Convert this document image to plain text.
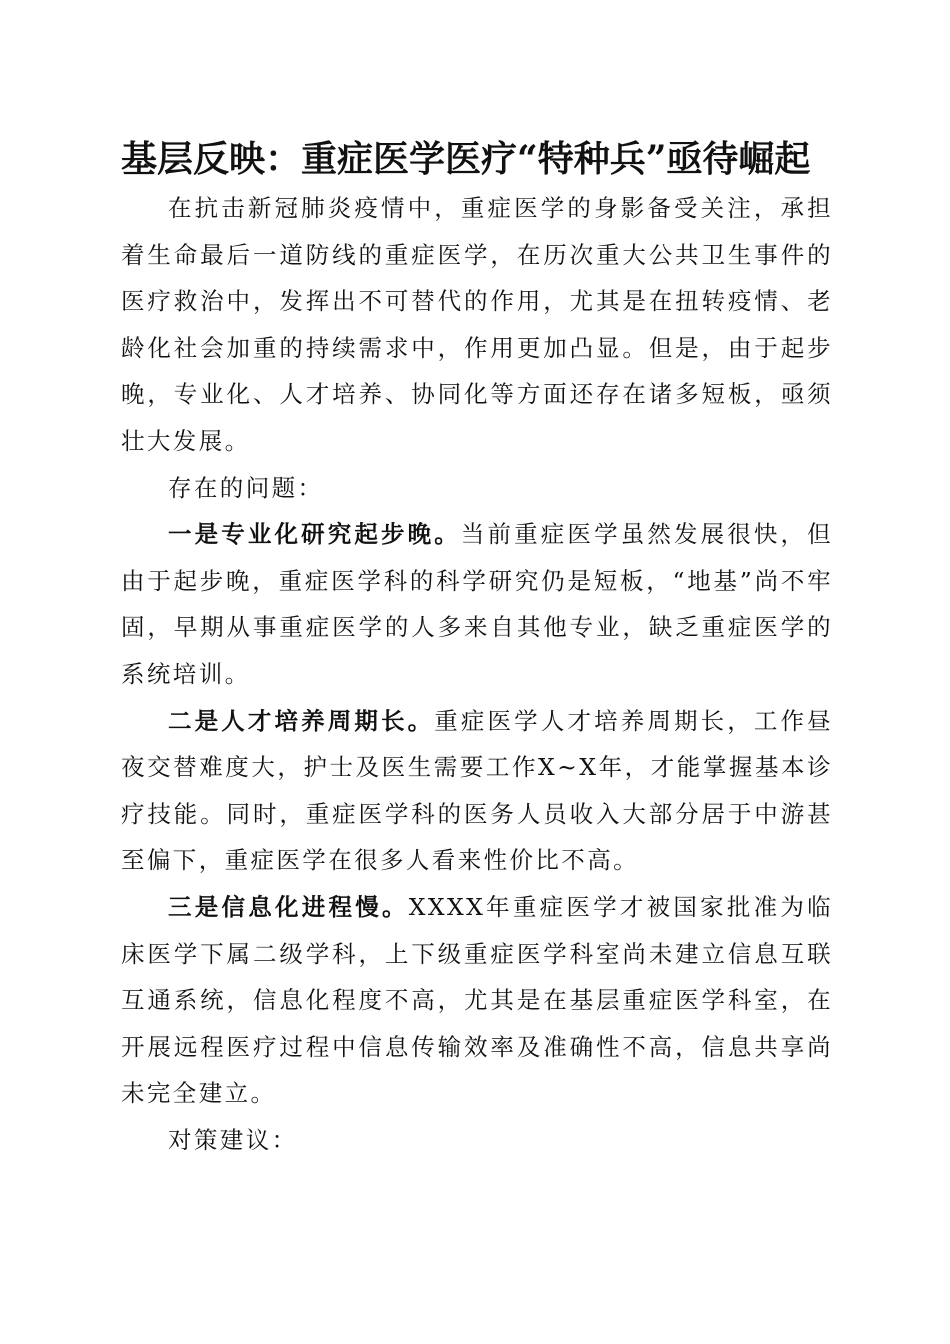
基层反映：重症医学医疗“特种兵”亟待崛起

在抗击新冠肺炎疫情中，重症医学的身影备受关注，承担着生命最后一道防线的重症医学，在历次重大公共卫生事件的医疗救治中，发挥出不可替代的作用，尤其是在扭转疫情、老龄化社会加重的持续需求中，作用更加凸显。但是，由于起步晚，专业化、人才培养、协同化等方面还存在诸多短板，亟须壮大发展。

存在的问题：

一是专业化研究起步晚。当前重症医学虽然发展很快，但由于起步晚，重症医学科的科学研究仍是短板，“地基”尚不牢固，早期从事重症医学的人多来自其他专业，缺乏重症医学的系统培训。

二是人才培养周期长。重症医学人才培养周期长，工作昼夜交替难度大，护士及医生需要工作X~X年，才能掌握基本诊疗技能。同时，重症医学科的医务人员收入大部分居于中游甚至偏下，重症医学在很多人看来性价比不高。

三是信息化进程慢。XXXX年重症医学才被国家批准为临床医学下属二级学科，上下级重症医学科室尚未建立信息互联互通系统，信息化程度不高，尤其是在基层重症医学科室，在开展远程医疗过程中信息传输效率及准确性不高，信息共享尚未完全建立。

对策建议：
